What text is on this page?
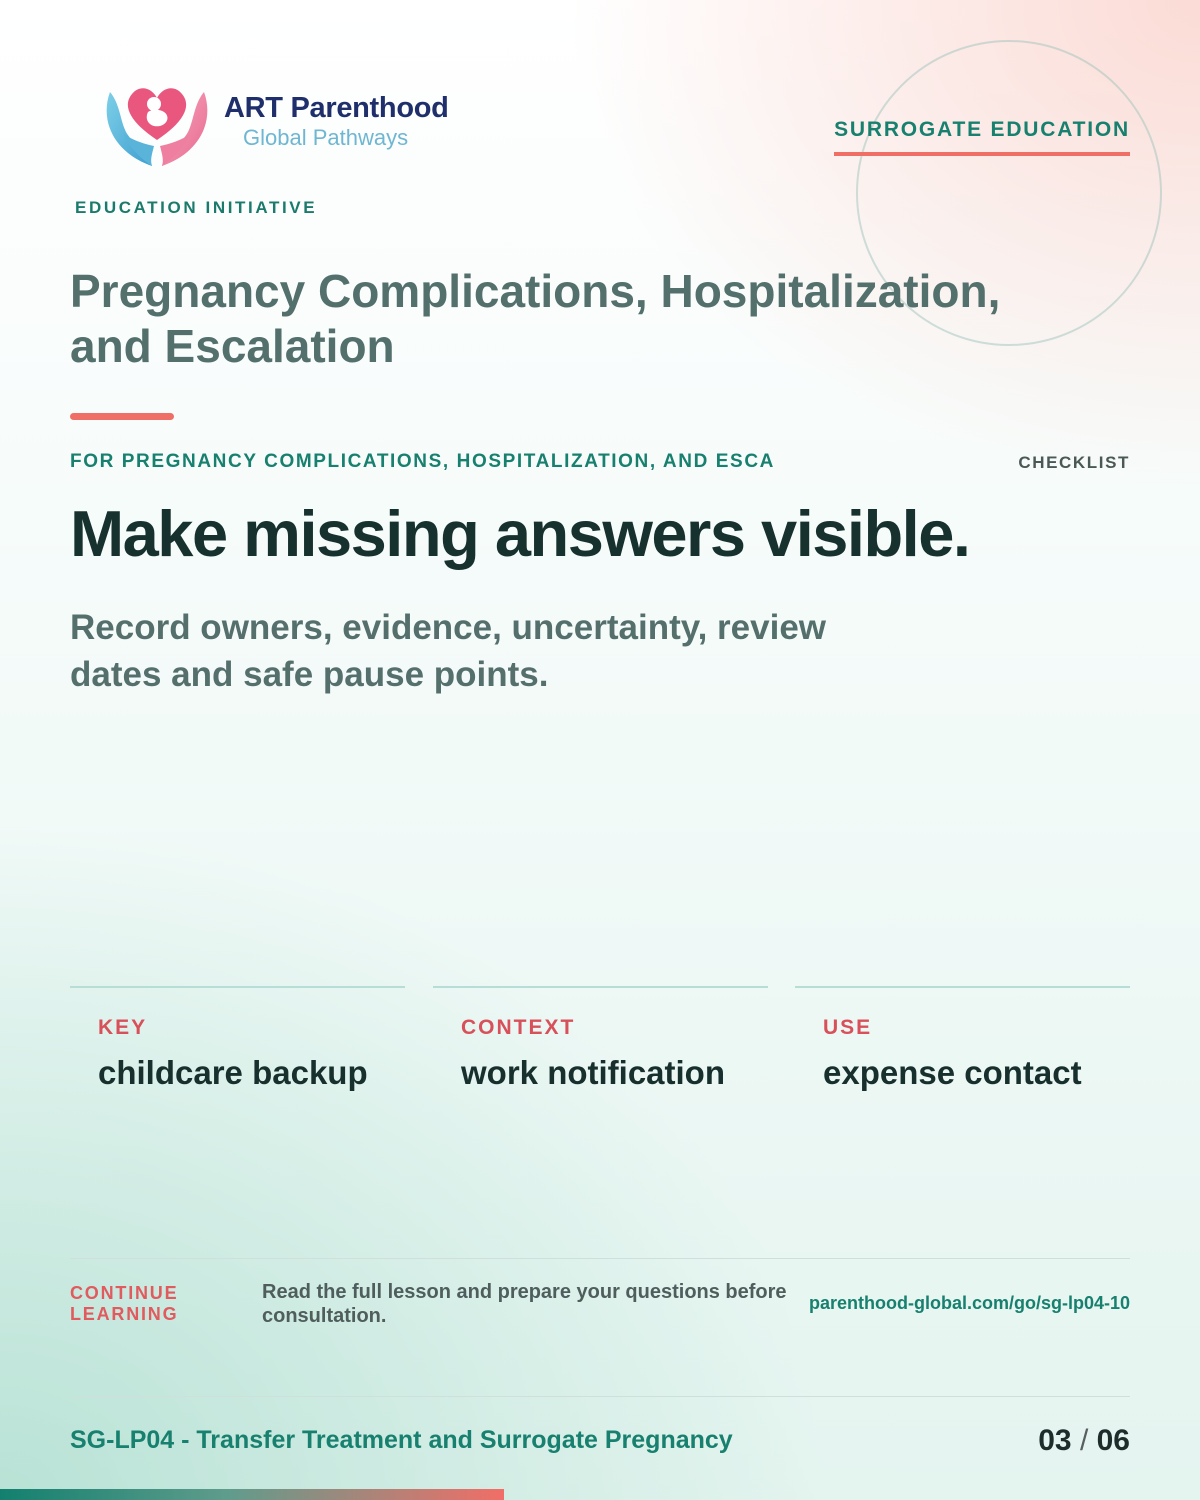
ART Parenthood
Global Pathways
EDUCATION INITIATIVE
SURROGATE EDUCATION
Pregnancy Complications, Hospitalization, and Escalation
FOR PREGNANCY COMPLICATIONS, HOSPITALIZATION, AND ESCA	CHECKLIST
Make missing answers visible.

Record owners, evidence, uncertainty, review dates and safe pause points.

KEY
childcare backup
CONTEXT
work notification
USE
expense contact
CONTINUE LEARNING
Read the full lesson and prepare your questions before consultation.
parenthood-global.com/go/sg-lp04-10
SG-LP04 - Transfer Treatment and Surrogate Pregnancy	03 / 06
